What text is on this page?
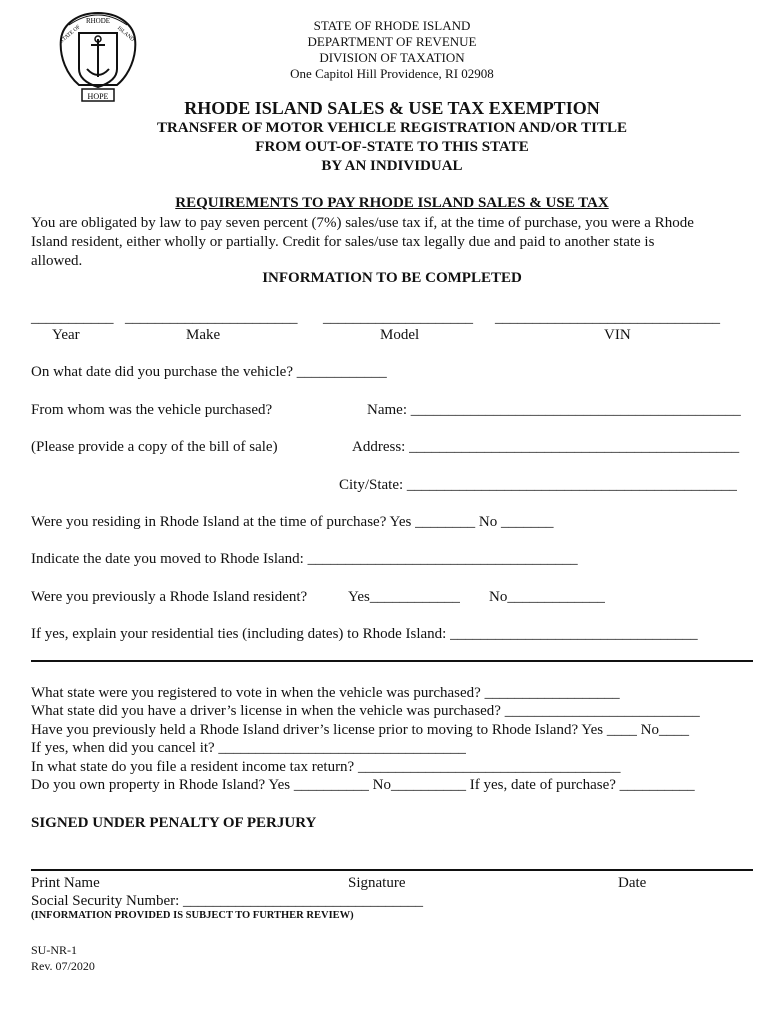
RHODE
STATE OF	ISLAND
HOPE
STATE OF RHODE ISLAND
DEPARTMENT OF REVENUE
DIVISION OF TAXATION
One Capitol Hill Providence, RI 02908
RHODE ISLAND SALES & USE TAX EXEMPTION
TRANSFER OF MOTOR VEHICLE REGISTRATION AND/OR TITLE
FROM OUT-OF-STATE TO THIS STATE
BY AN INDIVIDUAL
REQUIREMENTS TO PAY RHODE ISLAND SALES & USE TAX
You are obligated by law to pay seven percent (7%) sales/use tax if, at the time of purchase, you were a Rhode
Island resident, either wholly or partially. Credit for sales/use tax legally due and paid to another state is
allowed.
INFORMATION TO BE COMPLETED
___________ _______________________ ____________________ ______________________________
Year	Make	Model	VIN
On what date did you purchase the vehicle? ____________
From whom was the vehicle purchased?	Name: ____________________________________________
(Please provide a copy of the bill of sale)	Address: ____________________________________________
City/State: ____________________________________________
Were you residing in Rhode Island at the time of purchase? Yes ________ No _______
Indicate the date you moved to Rhode Island: ____________________________________
Were you previously a Rhode Island resident?	Yes____________ No_____________
If yes, explain your residential ties (including dates) to Rhode Island: _________________________________
What state were you registered to vote in when the vehicle was purchased? __________________
What state did you have a driver’s license in when the vehicle was purchased? __________________________
Have you previously held a Rhode Island driver’s license prior to moving to Rhode Island? Yes ____ No____
If yes, when did you cancel it? _________________________________
In what state do you file a resident income tax return? ___________________________________
Do you own property in Rhode Island? Yes __________ No__________ If yes, date of purchase? __________
SIGNED UNDER PENALTY OF PERJURY
Print Name	Signature	Date
Social Security Number: ________________________________
(INFORMATION PROVIDED IS SUBJECT TO FURTHER REVIEW)
SU-NR-1
Rev. 07/2020
